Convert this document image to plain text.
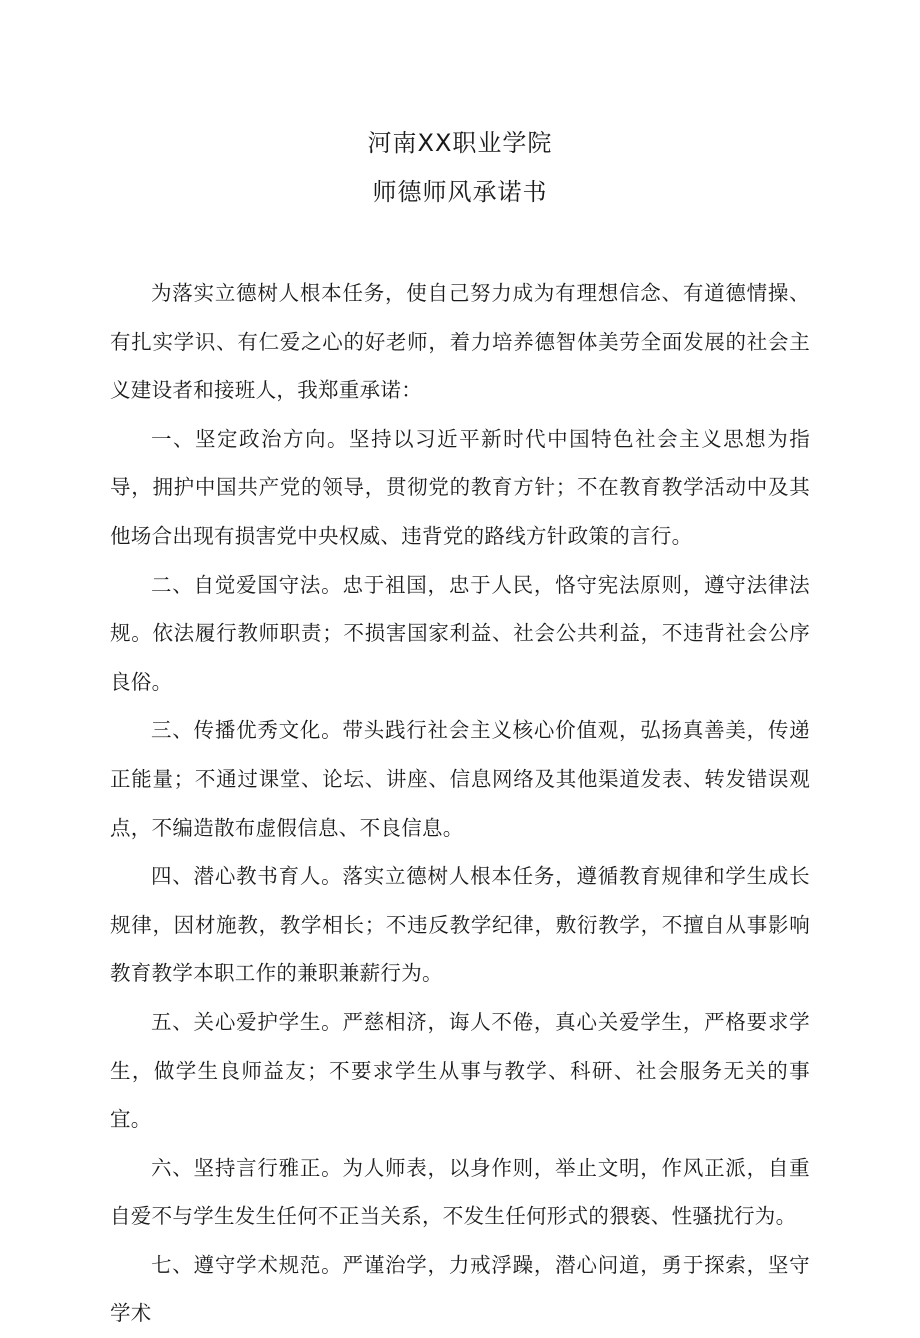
河南XX职业学院
师德师风承诺书

为落实立德树人根本任务，使自己努力成为有理想信念、有道德情操、有扎实学识、有仁爱之心的好老师，着力培养德智体美劳全面发展的社会主义建设者和接班人，我郑重承诺：

一、坚定政治方向。坚持以习近平新时代中国特色社会主义思想为指导，拥护中国共产党的领导，贯彻党的教育方针；不在教育教学活动中及其他场合出现有损害党中央权威、违背党的路线方针政策的言行。

二、自觉爱国守法。忠于祖国，忠于人民，恪守宪法原则，遵守法律法规。依法履行教师职责；不损害国家利益、社会公共利益，不违背社会公序良俗。

三、传播优秀文化。带头践行社会主义核心价值观，弘扬真善美，传递正能量；不通过课堂、论坛、讲座、信息网络及其他渠道发表、转发错误观点，不编造散布虚假信息、不良信息。

四、潜心教书育人。落实立德树人根本任务，遵循教育规律和学生成长规律，因材施教，教学相长；不违反教学纪律，敷衍教学，不擅自从事影响教育教学本职工作的兼职兼薪行为。

五、关心爱护学生。严慈相济，诲人不倦，真心关爱学生，严格要求学生，做学生良师益友；不要求学生从事与教学、科研、社会服务无关的事宜。

六、坚持言行雅正。为人师表，以身作则，举止文明，作风正派，自重自爱不与学生发生任何不正当关系，不发生任何形式的猥亵、性骚扰行为。

七、遵守学术规范。严谨治学，力戒浮躁，潜心问道，勇于探索，坚守学术
